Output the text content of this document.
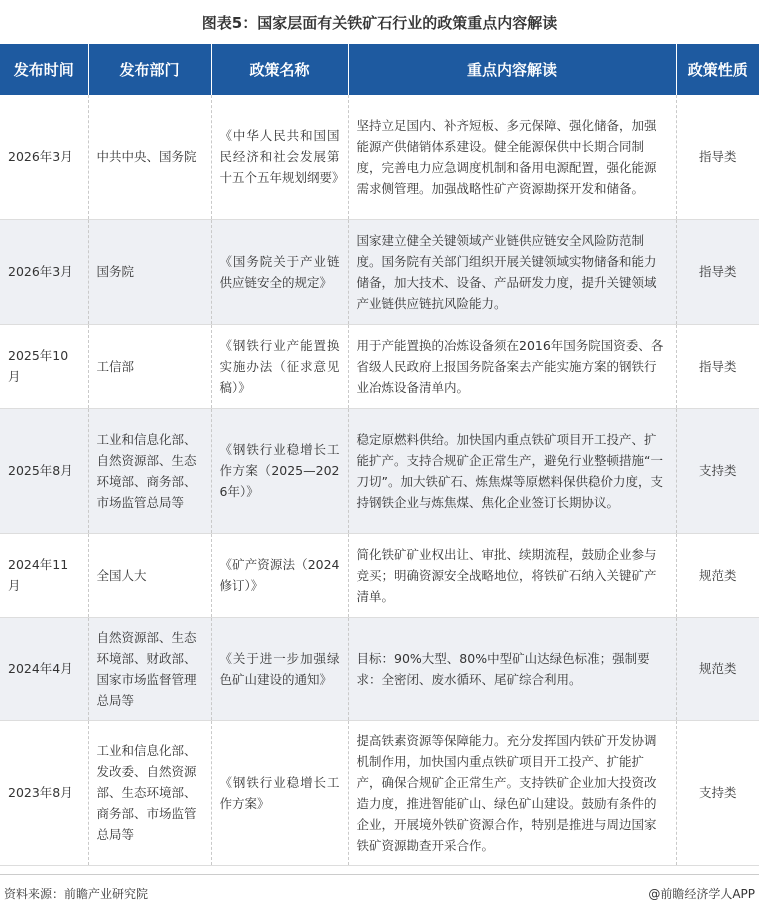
图表5：国家层面有关铁矿石行业的政策重点内容解读
发布时间	发布部门	政策名称	重点内容解读	政策性质
2026年3月	中共中央、国务院	《中华人民共和国国民经济和社会发展第十五个五年规划纲要》	坚持立足国内、补齐短板、多元保障、强化储备，加强能源产供储销体系建设。健全能源保供中长期合同制度，完善电力应急调度机制和备用电源配置，强化能源需求侧管理。加强战略性矿产资源勘探开发和储备。	指导类
2026年3月	国务院	《国务院关于产业链供应链安全的规定》	国家建立健全关键领域产业链供应链安全风险防范制度。国务院有关部门组织开展关键领域实物储备和能力储备，加大技术、设备、产品研发力度，提升关键领域产业链供应链抗风险能力。	指导类
2025年10月	工信部	《钢铁行业产能置换实施办法（征求意见稿）》	用于产能置换的冶炼设备须在2016年国务院国资委、各省级人民政府上报国务院备案去产能实施方案的钢铁行业冶炼设备清单内。	指导类
2025年8月	工业和信息化部、自然资源部、生态环境部、商务部、市场监管总局等	《钢铁行业稳增长工作方案（2025—2026年）》	稳定原燃料供给。加快国内重点铁矿项目开工投产、扩能扩产。支持合规矿企正常生产，避免行业整顿措施“一刀切”。加大铁矿石、炼焦煤等原燃料保供稳价力度，支持钢铁企业与炼焦煤、焦化企业签订长期协议。	支持类
2024年11月	全国人大	《矿产资源法（2024修订）》	简化铁矿矿业权出让、审批、续期流程，鼓励企业参与竞买；明确资源安全战略地位，将铁矿石纳入关键矿产清单。	规范类
2024年4月	自然资源部、生态环境部、财政部、国家市场监督管理总局等	《关于进一步加强绿色矿山建设的通知》	目标：90%大型、80%中型矿山达绿色标准；强制要求：全密闭、废水循环、尾矿综合利用。	规范类
2023年8月	工业和信息化部、发改委、自然资源部、生态环境部、商务部、市场监管总局等	《钢铁行业稳增长工作方案》	提高铁素资源等保障能力。充分发挥国内铁矿开发协调机制作用，加快国内重点铁矿项目开工投产、扩能扩产，确保合规矿企正常生产。支持铁矿企业加大投资改造力度，推进智能矿山、绿色矿山建设。鼓励有条件的企业，开展境外铁矿资源合作，特别是推进与周边国家铁矿资源勘查开采合作。	支持类
资料来源：前瞻产业研究院	@前瞻经济学人APP
